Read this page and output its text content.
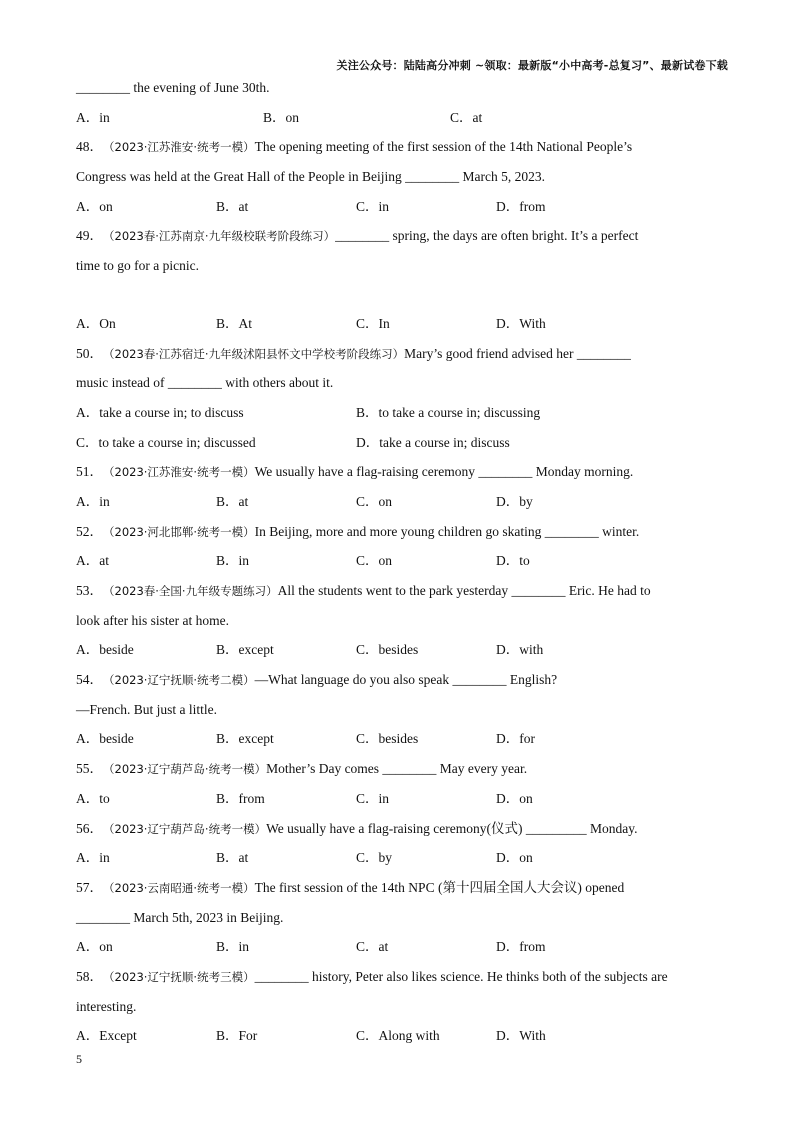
关注公众号：陆陆高分冲刺 ~领取：最新版“小中高考-总复习”、最新试卷下载
________ the evening of June 30th.
A．in	B．on	C．at
48．（2023·江苏淮安·统考一模）The opening meeting of the first session of the 14th National People’s
Congress was held at the Great Hall of the People in Beijing ________ March 5, 2023.
A．on	B．at	C．in	D．from
49．（2023春·江苏南京·九年级校联考阶段练习）________ spring, the days are often bright. It’s a perfect
time to go for a picnic.
A．On	B．At	C．In	D．With
50．（2023春·江苏宿迁·九年级沭阳县怀文中学校考阶段练习）Mary’s good friend advised her ________
music instead of ________ with others about it.
A．take a course in; to discuss	B．to take a course in; discussing
C．to take a course in; discussed	D．take a course in; discuss
51．（2023·江苏淮安·统考一模）We usually have a flag-raising ceremony ________ Monday morning.
A．in	B．at	C．on	D．by
52．（2023·河北邯郸·统考一模）In Beijing, more and more young children go skating ________ winter.
A．at	B．in	C．on	D．to
53．（2023春·全国·九年级专题练习）All the students went to the park yesterday ________ Eric. He had to
look after his sister at home.
A．beside	B．except	C．besides	D．with
54．（2023·辽宁抚顺·统考二模）—What language do you also speak ________ English?
—French. But just a little.
A．beside	B．except	C．besides	D．for
55．（2023·辽宁葫芦岛·统考一模）Mother’s Day comes ________ May every year.
A．to	B．from	C．in	D．on
56．（2023·辽宁葫芦岛·统考一模）We usually have a flag-raising ceremony(仪式) _________ Monday.
A．in	B．at	C．by	D．on
57．（2023·云南昭通·统考一模）The first session of the 14th NPC (第十四届全国人大会议) opened
________ March 5th, 2023 in Beijing.
A．on	B．in	C．at	D．from
58．（2023·辽宁抚顺·统考三模）________ history, Peter also likes science. He thinks both of the subjects are
interesting.
A．Except	B．For	C．Along with	D．With
5
